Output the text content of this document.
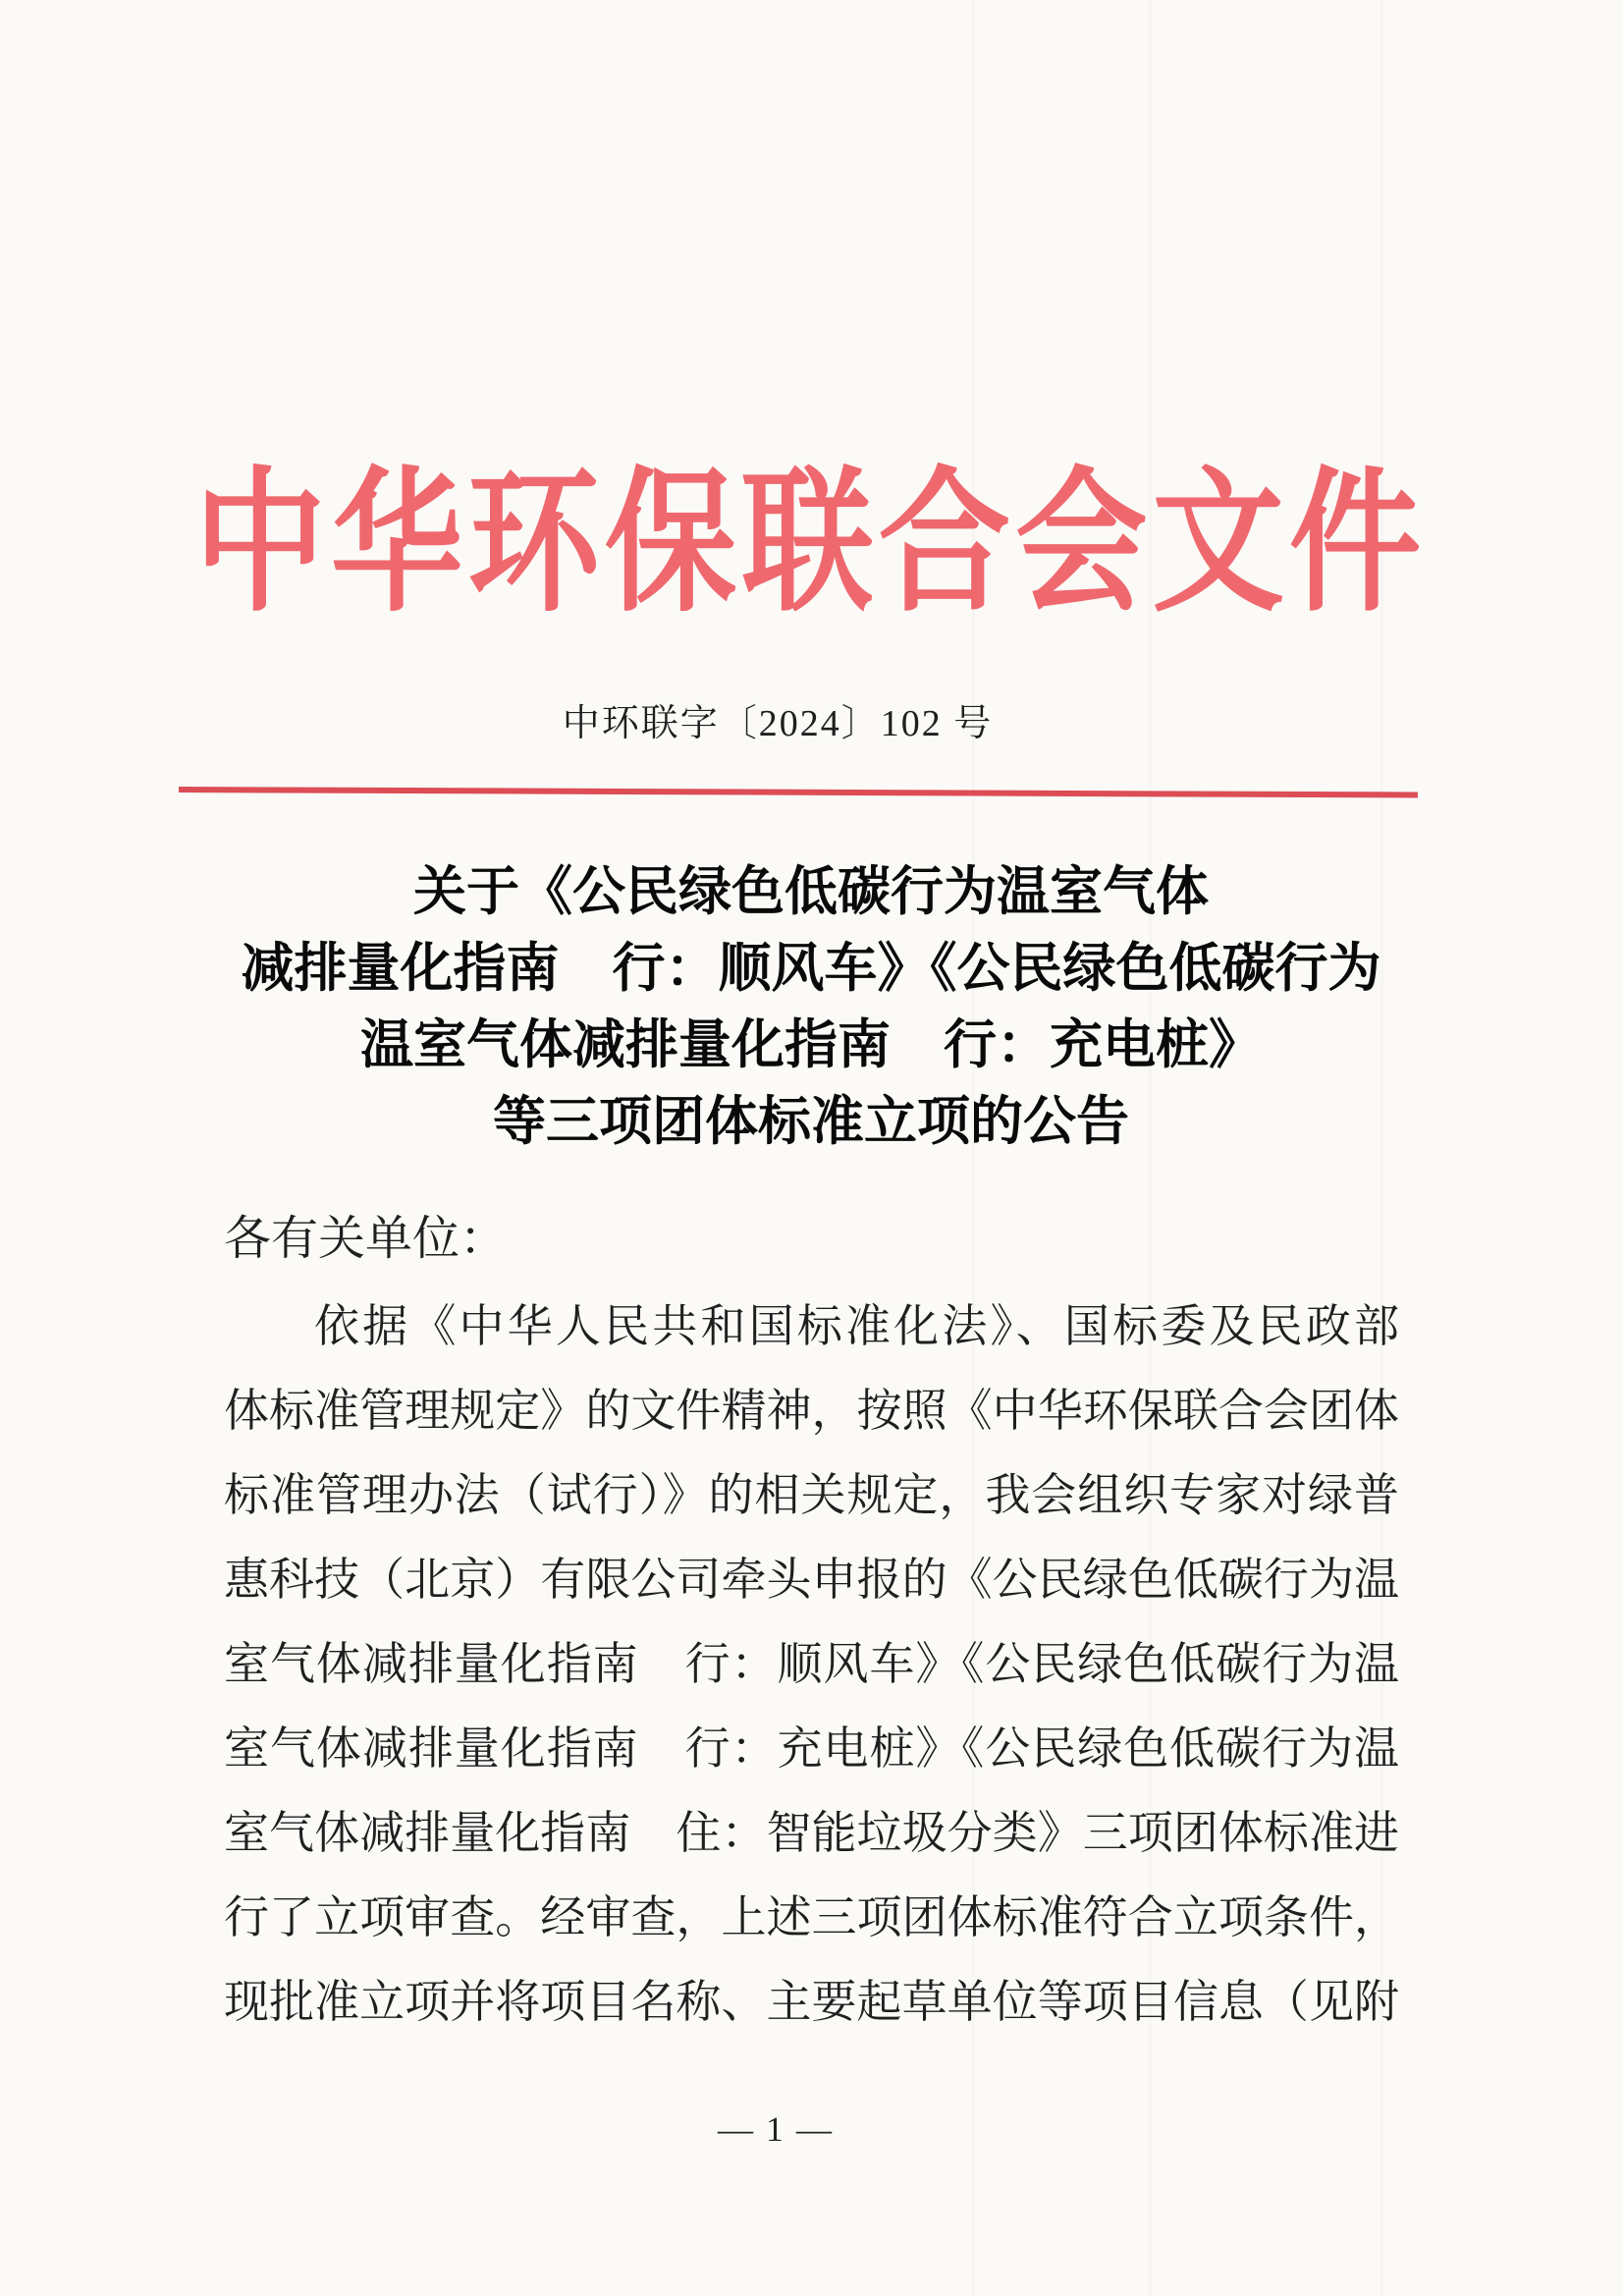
中华环保联合会文件
中环联字〔2024〕102 号
关于《公民绿色低碳行为温室气体
减排量化指南　行：顺风车》《公民绿色低碳行为
温室气体减排量化指南　行：充电桩》
等三项团体标准立项的公告
各有关单位：
依据《中华人民共和国标准化法》、国标委及民政部
体标准管理规定》的文件精神，按照《中华环保联合会团体
标准管理办法（试行）》的相关规定，我会组织专家对绿普
惠科技（北京）有限公司牵头申报的《公民绿色低碳行为温
室气体减排量化指南　行：顺风车》《公民绿色低碳行为温
室气体减排量化指南　行：充电桩》《公民绿色低碳行为温
室气体减排量化指南　住：智能垃圾分类》三项团体标准进
行了立项审查。经审查，上述三项团体标准符合立项条件，
现批准立项并将项目名称、主要起草单位等项目信息（见附
— 1 —
